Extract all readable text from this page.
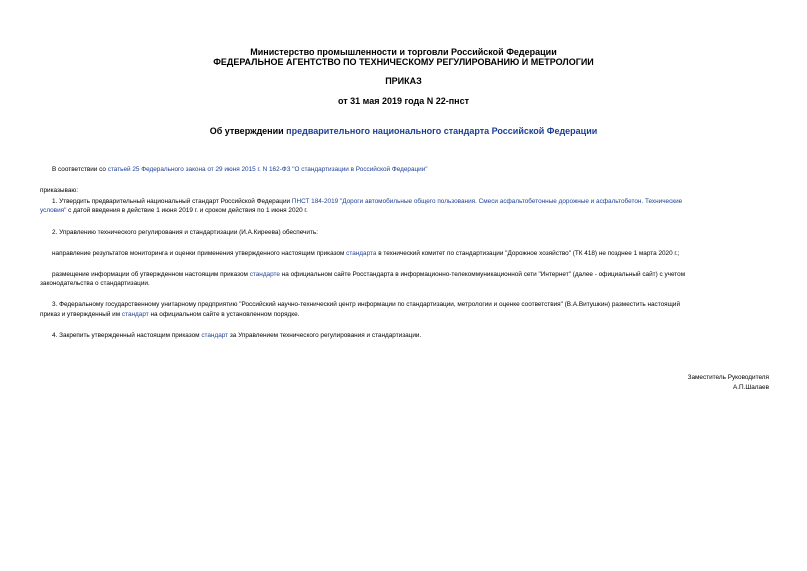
Министерство промышленности и торговли Российской Федерации
ФЕДЕРАЛЬНОЕ АГЕНТСТВО ПО ТЕХНИЧЕСКОМУ РЕГУЛИРОВАНИЮ И МЕТРОЛОГИИ
ПРИКАЗ
от 31 мая 2019 года N 22-пнст
Об утверждении предварительного национального стандарта Российской Федерации
В соответствии со статьей 25 Федерального закона от 29 июня 2015 г. N 162-ФЗ "О стандартизации в Российской Федерации"
приказываю:
1. Утвердить предварительный национальный стандарт Российской Федерации ПНСТ 184-2019 "Дороги автомобильные общего пользования. Смеси асфальтобетонные дорожные и асфальтобетон. Технические
условия" с датой введения в действие 1 июня 2019 г. и сроком действия по 1 июня 2020 г.
2. Управлению технического регулирования и стандартизации (И.А.Киреева) обеспечить:
направление результатов мониторинга и оценки применения утвержденного настоящим приказом стандарта в технический комитет по стандартизации "Дорожное хозяйство" (ТК 418) не позднее 1 марта 2020 г.;
размещение информации об утвержденном настоящим приказом стандарте на официальном сайте Росстандарта в информационно-телекоммуникационной сети "Интернет" (далее - официальный сайт) с учетом
законодательства о стандартизации.
3. Федеральному государственному унитарному предприятию "Российский научно-технический центр информации по стандартизации, метрологии и оценке соответствия" (В.А.Витушкин) разместить настоящий
приказ и утвержденный им стандарт на официальном сайте в установленном порядке.
4. Закрепить утвержденный настоящим приказом стандарт за Управлением технического регулирования и стандартизации.
Заместитель Руководителя
А.П.Шалаев
